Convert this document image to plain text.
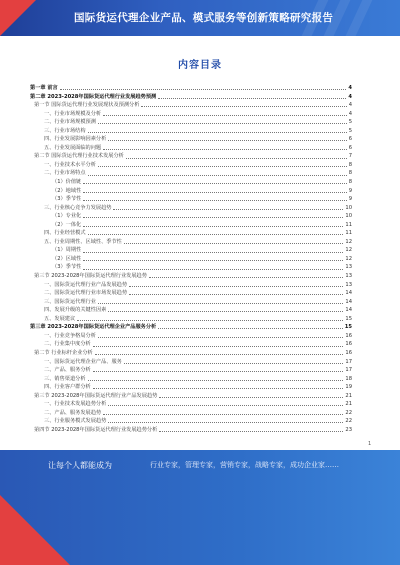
国际货运代理企业产品、模式服务等创新策略研究报告
内容目录
第一章 前言	4
第二章 2023-2028年国际货运代理行业发展趋势预测	4
第一节 国际货运代理行业发展现状及预测分析	4
一、行业市场规模及分析	4
二、行业市场规模预测	5
三、行业市场结构	5
四、行业发展影响因素分析	6
五、行业发展面临的问题	6
第二节 国际货运代理行业技术发展分析	7
一、行业技术水平分析	8
二、行业市场特点	8
（1）价值链	8
（2）地域性	9
（3）季节性	9
三、行业核心竞争力发展趋势	10
（1）专业化	10
（2）一体化	11
四、行业经营模式	11
五、行业周期性、区域性、季节性	12
（1）周期性	12
（2）区域性	12
（3）季节性	13
第三节 2023-2028年国际货运代理行业发展趋势	13
一、国际货运代理行业产品发展趋势	13
二、国际货运代理行业市场发展趋势	14
三、国际货运代理行业	14
四、发展升级的关键性因素	14
五、发展建议	15
第三章 2023-2028年国际货运代理企业产品服务分析	15
一、行业竞争格局分析	16
二、行业集中度分析	16
第二节 行业标杆企业分析	16
一、国际货运代理企业产品、服务	17
二、产品、服务分析	17
三、销售渠道分析	18
四、行业客户群分析	19
第三节 2023-2028年国际货运代理行业产品发展趋势	21
一、行业技术发展趋势分析	21
二、产品、服务发展趋势	22
三、行业服务模式发展趋势	22
第四节 2023-2028年国际货运代理行业发展趋势分析	23
1
让每个人都能成为	行业专家，管理专家，营销专家，战略专家，成功企业家……
